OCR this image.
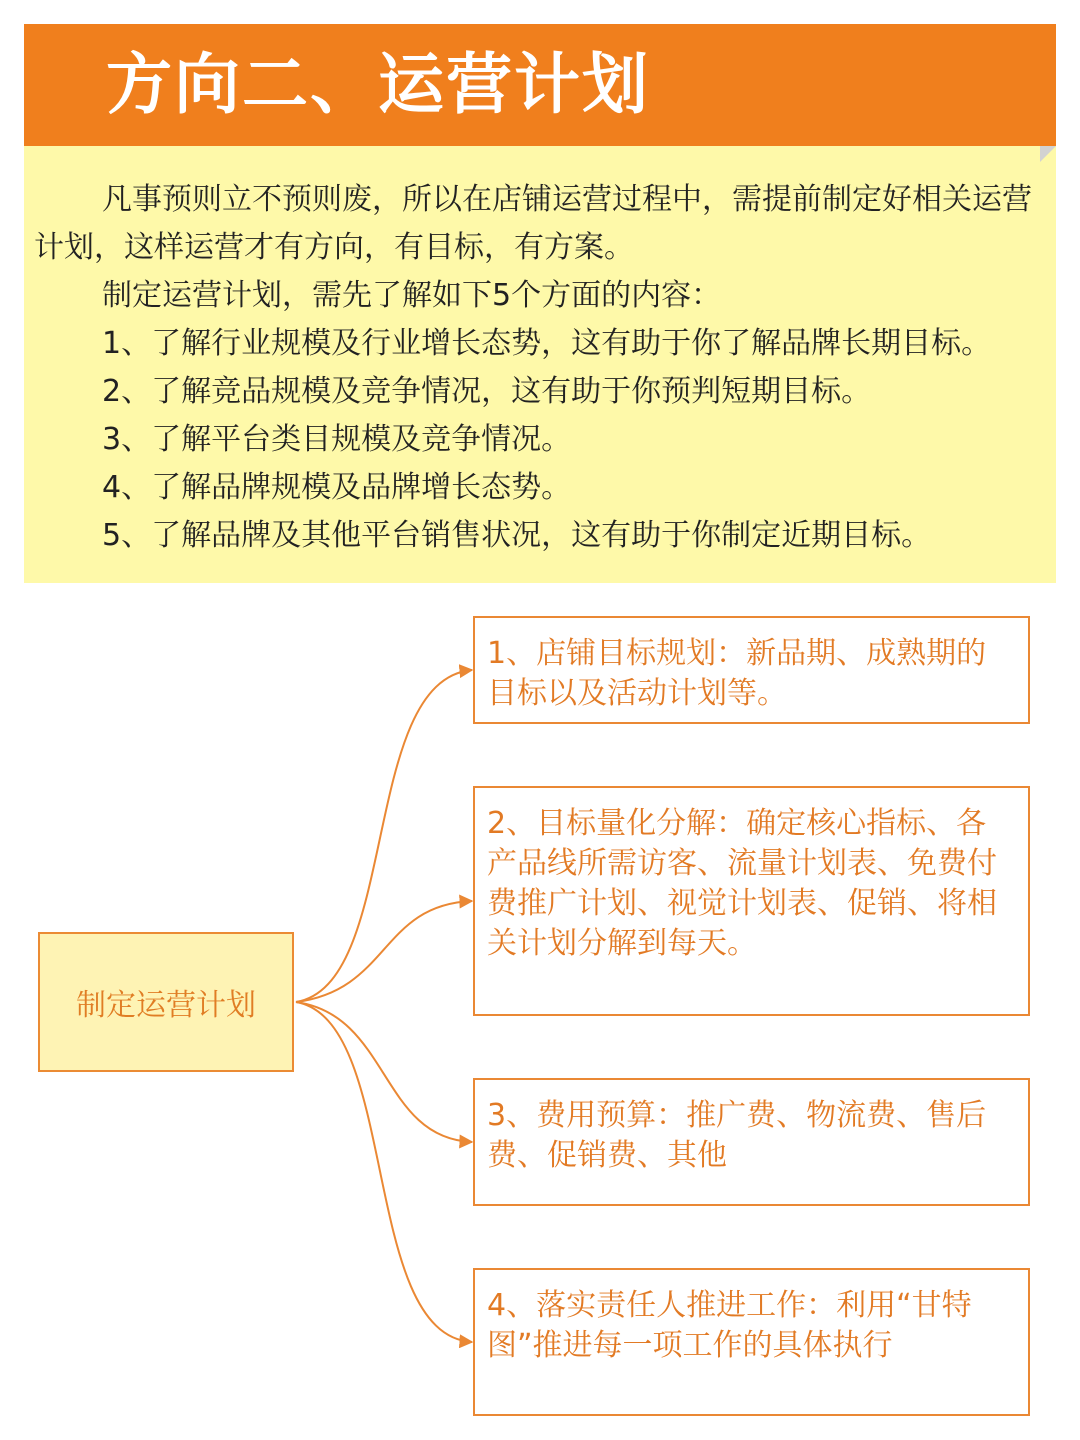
方向二、运营计划

凡事预则立不预则废，所以在店铺运营过程中，需提前制定好相关运营计划，这样运营才有方向，有目标，有方案。

制定运营计划，需先了解如下5个方面的内容：

1、了解行业规模及行业增长态势，这有助于你了解品牌长期目标。

2、了解竞品规模及竞争情况，这有助于你预判短期目标。

3、了解平台类目规模及竞争情况。

4、了解品牌规模及品牌增长态势。

5、了解品牌及其他平台销售状况，这有助于你制定近期目标。

制定运营计划
1、店铺目标规划：新品期、成熟期的目标以及活动计划等。
2、目标量化分解：确定核心指标、各产品线所需访客、流量计划表、免费付费推广计划、视觉计划表、促销、将相关计划分解到每天。
3、费用预算：推广费、物流费、售后费、促销费、其他
4、落实责任人推进工作：利用“甘特图”推进每一项工作的具体执行
